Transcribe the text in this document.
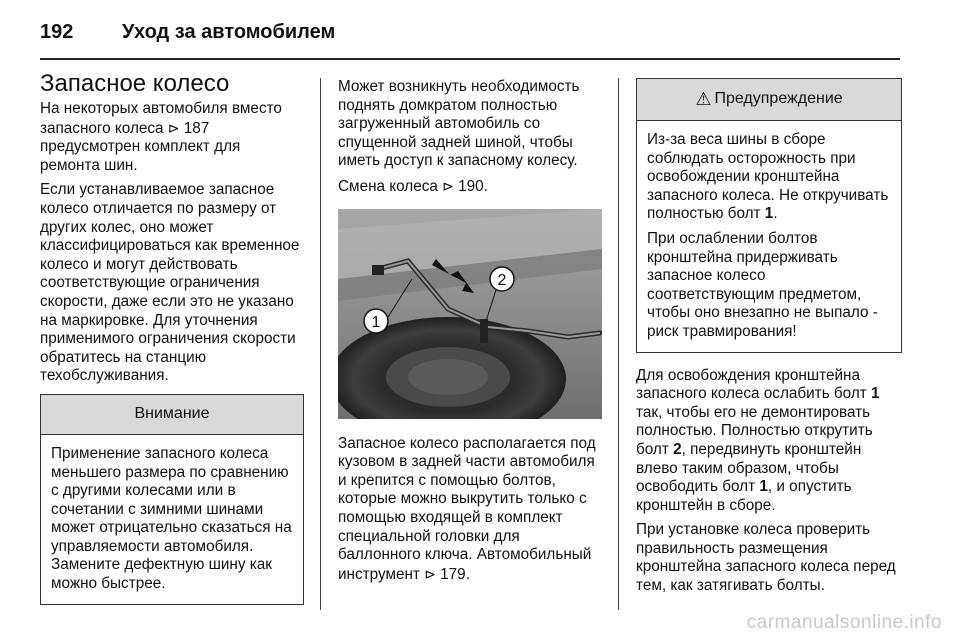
192	Уход за автомобилем
Запасное колесо

На некоторых автомобиля вместо запасного колеса ⊳ 187 предусмотрен комплект для ремонта шин.

Если устанавливаемое запасное колесо отличается по размеру от других колес, оно может классифицироваться как временное колесо и могут действовать соответствующие ограничения скорости, даже если это не указано на маркировке. Для уточнения применимого ограничения скорости обратитесь на станцию техобслуживания.

Внимание

Применение запасного колеса меньшего размера по сравнению с другими колесами или в сочетании с зимними шинами может отрицательно сказаться на управляемости автомобиля. Замените дефектную шину как можно быстрее.

Может возникнуть необходимость поднять домкратом полностью загруженный автомобиль со спущенной задней шиной, чтобы иметь доступ к запасному колесу.

Смена колеса ⊳ 190.

1
2

Запасное колесо располагается под кузовом в задней части автомобиля и крепится с помощью болтов, которые можно выкрутить только с помощью входящей в комплект специальной головки для баллонного ключа. Автомобильный инструмент ⊳ 179.

⚠ Предупреждение

Из-за веса шины в сборе соблюдать осторожность при освобождении кронштейна запасного колеса. Не откручивать полностью болт 1.

При ослаблении болтов кронштейна придерживать запасное колесо соответствующим предметом, чтобы оно внезапно не выпало - риск травмирования!

Для освобождения кронштейна запасного колеса ослабить болт 1 так, чтобы его не демонтировать полностью. Полностью открутить болт 2, передвинуть кронштейн влево таким образом, чтобы освободить болт 1, и опустить кронштейн в сборе.

При установке колеса проверить правильность размещения кронштейна запасного колеса перед тем, как затягивать болты.

carmanualsonline.info
